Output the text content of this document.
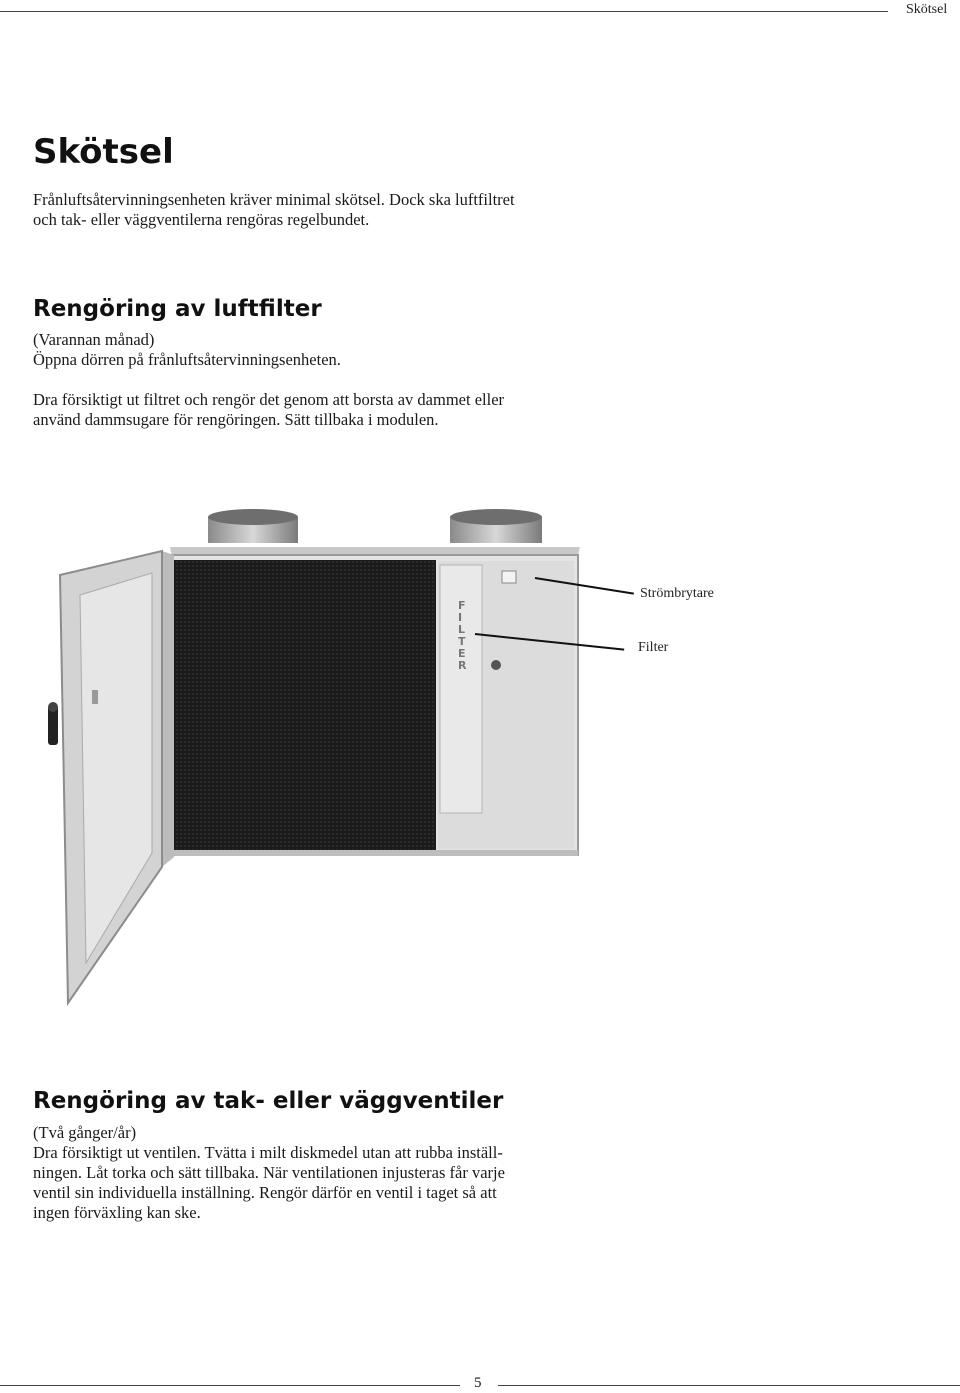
Skötsel
Skötsel

Frånluftsåtervinningsenheten kräver minimal skötsel. Dock ska luftfiltret
och tak- eller väggventilerna rengöras regelbundet.

Rengöring av luftfilter

(Varannan månad)
Öppna dörren på frånluftsåtervinningsenheten.

Dra försiktigt ut filtret och rengör det genom att borsta av dammet eller
använd dammsugare för rengöringen. Sätt tillbaka i modulen.

F I L T E R
Strömbrytare
Filter
Rengöring av tak- eller väggventiler

(Två gånger/år)
Dra försiktigt ut ventilen. Tvätta i milt diskmedel utan att rubba inställ-
ningen. Låt torka och sätt tillbaka. När ventilationen injusteras får varje
ventil sin individuella inställning. Rengör därför en ventil i taget så att
ingen förväxling kan ske.

5
